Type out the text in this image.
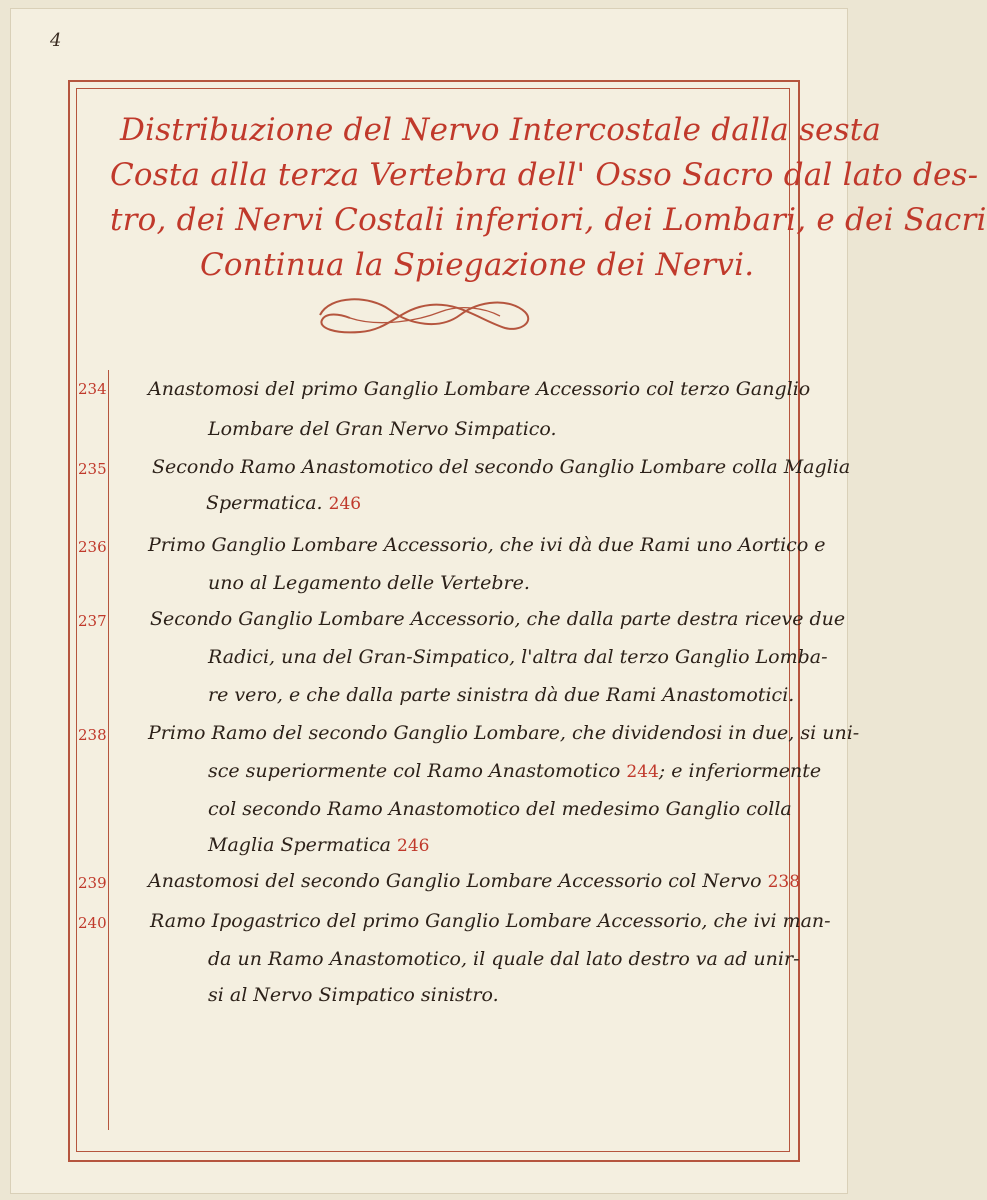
4
Distribuzione del Nervo Intercostale dalla sesta
Costa alla terza Vertebra dell' Osso Sacro dal lato des-
tro, dei Nervi Costali inferiori, dei Lombari, e dei Sacri
Continua la Spiegazione dei Nervi.
234 Anastomosi del primo Ganglio Lombare Accessorio col terzo Ganglio
Lombare del Gran Nervo Simpatico.
235 Secondo Ramo Anastomotico del secondo Ganglio Lombare colla Maglia
Spermatica. 246
236 Primo Ganglio Lombare Accessorio, che ivi dà due Rami uno Aortico e
uno al Legamento delle Vertebre.
237 Secondo Ganglio Lombare Accessorio, che dalla parte destra riceve due
Radici, una del Gran-Simpatico, l'altra dal terzo Ganglio Lomba-
re vero, e che dalla parte sinistra dà due Rami Anastomotici.
238 Primo Ramo del secondo Ganglio Lombare, che dividendosi in due, si uni-
sce superiormente col Ramo Anastomotico 244; e inferiormente
col secondo Ramo Anastomotico del medesimo Ganglio colla
Maglia Spermatica 246
239 Anastomosi del secondo Ganglio Lombare Accessorio col Nervo 238
240 Ramo Ipogastrico del primo Ganglio Lombare Accessorio, che ivi man-
da un Ramo Anastomotico, il quale dal lato destro va ad unir-
si al Nervo Simpatico sinistro.
